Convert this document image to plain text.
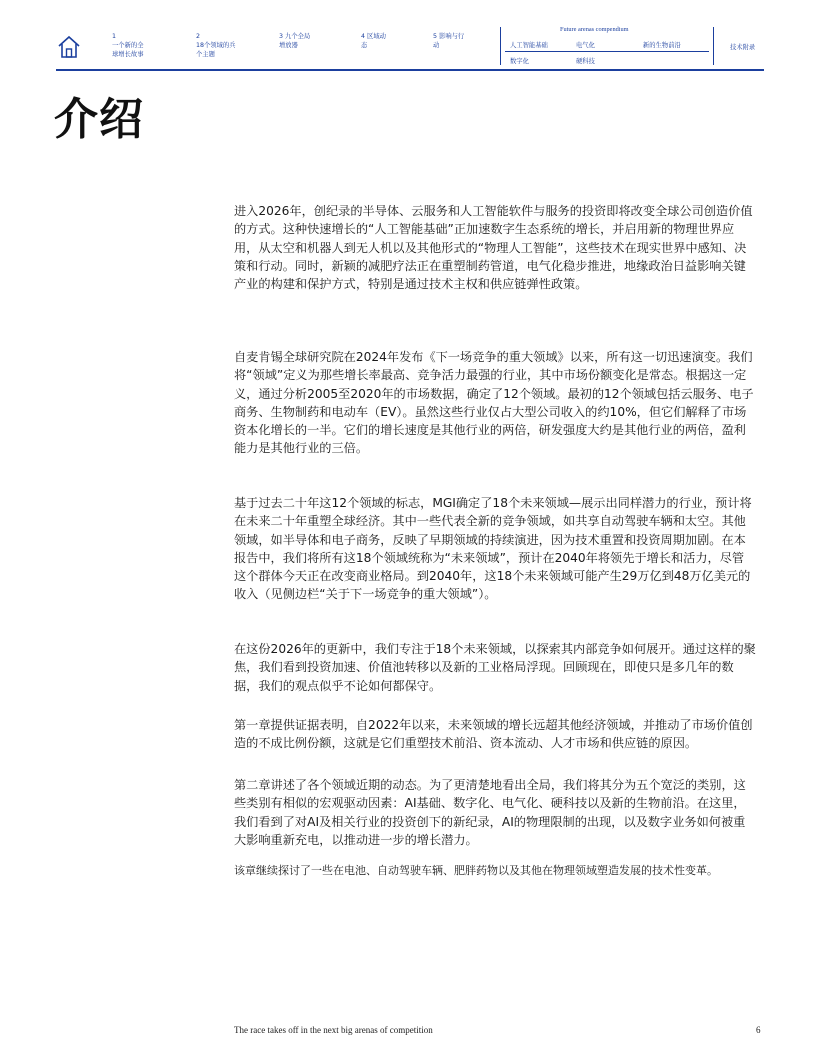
1
一个新的全
球增长故事
2
18个领域的兵
个主题
3 九个全局
增放器
4 区域动
态
5 影响与行
动
Future arenas compendium
人工智能基础	电气化	新的生物前沿
数字化	硬科技
技术附录
介绍

进入2026年，创纪录的半导体、云服务和人工智能软件与服务的投资即将改变全球公司创造价值的方式。这种快速增长的“人工智能基础”正加速数字生态系统的增长，并启用新的物理世界应用，从太空和机器人到无人机以及其他形式的“物理人工智能”，这些技术在现实世界中感知、决策和行动。同时，新颖的减肥疗法正在重塑制药管道，电气化稳步推进，地缘政治日益影响关键产业的构建和保护方式，特别是通过技术主权和供应链弹性政策。

自麦肯锡全球研究院在2024年发布《下一场竞争的重大领域》以来，所有这一切迅速演变。我们将“领域”定义为那些增长率最高、竞争活力最强的行业，其中市场份额变化是常态。根据这一定义，通过分析2005至2020年的市场数据，确定了12个领域。最初的12个领域包括云服务、电子商务、生物制药和电动车（EV）。虽然这些行业仅占大型公司收入的约10%，但它们解释了市场资本化增长的一半。它们的增长速度是其他行业的两倍，研发强度大约是其他行业的两倍，盈利能力是其他行业的三倍。

基于过去二十年这12个领域的标志，MGI确定了18个未来领域—展示出同样潜力的行业，预计将在未来二十年重塑全球经济。其中一些代表全新的竞争领域，如共享自动驾驶车辆和太空。其他领域，如半导体和电子商务，反映了早期领域的持续演进，因为技术重置和投资周期加剧。在本报告中，我们将所有这18个领域统称为“未来领域”，预计在2040年将领先于增长和活力，尽管这个群体今天正在改变商业格局。到2040年，这18个未来领域可能产生29万亿到48万亿美元的收入（见侧边栏“关于下一场竞争的重大领域”）。

在这份2026年的更新中，我们专注于18个未来领域，以探索其内部竞争如何展开。通过这样的聚焦，我们看到投资加速、价值池转移以及新的工业格局浮现。回顾现在，即使只是多几年的数据，我们的观点似乎不论如何都保守。

第一章提供证据表明，自2022年以来，未来领域的增长远超其他经济领域，并推动了市场价值创造的不成比例份额，这就是它们重塑技术前沿、资本流动、人才市场和供应链的原因。

第二章讲述了各个领域近期的动态。为了更清楚地看出全局，我们将其分为五个宽泛的类别，这些类别有相似的宏观驱动因素：AI基础、数字化、电气化、硬科技以及新的生物前沿。在这里，我们看到了对AI及相关行业的投资创下的新纪录，AI的物理限制的出现，以及数字业务如何被重大影响重新充电，以推动进一步的增长潜力。

该章继续探讨了一些在电池、自动驾驶车辆、肥胖药物以及其他在物理领域塑造发展的技术性变革。

The race takes off in the next big arenas of competition	6
